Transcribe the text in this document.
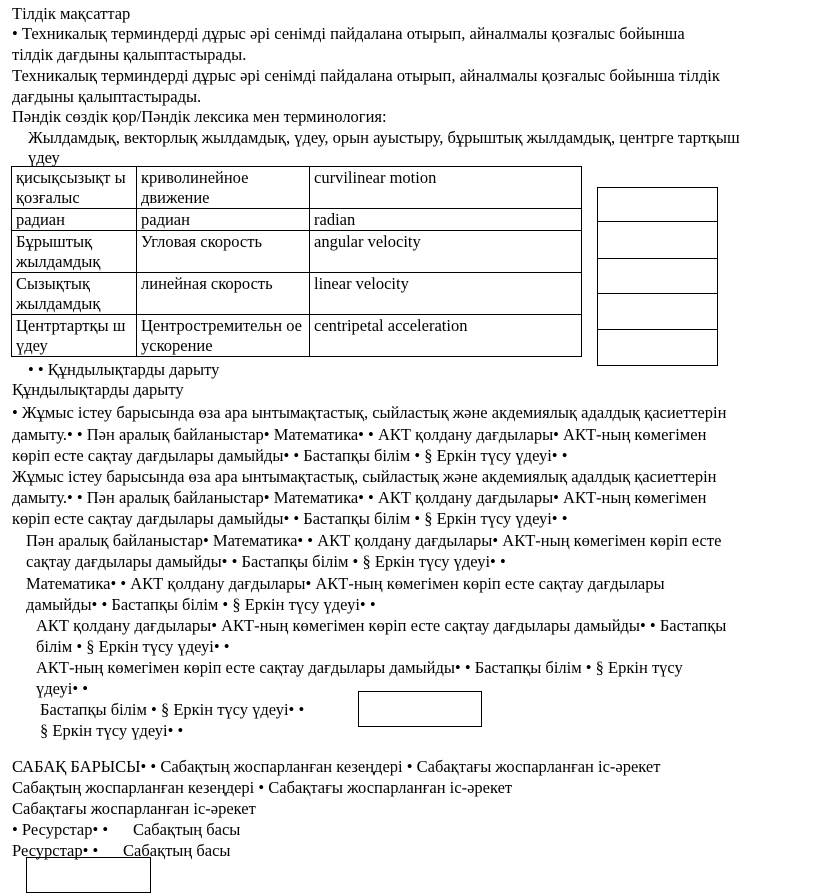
Тілдік мақсаттар
• Техникалық терминдерді дұрыс әрі сенімді пайдалана отырып, айналмалы қозғалыс бойынша
тілдік дағдыны қалыптастырады.
Техникалық терминдерді дұрыс әрі сенімді пайдалана отырып, айналмалы қозғалыс бойынша тілдік
дағдыны қалыптастырады.
Пәндік сөздік қор/Пәндік лексика мен терминология:
Жылдамдық, векторлық жылдамдық, үдеу, орын ауыстыру, бұрыштық жылдамдық, центрге тартқыш
үдеу
қисықсызықт ы қозғалыс	криволинейное движение	curvilinear motion
радиан	радиан	radian
Бұрыштық жылдамдық	Угловая скорость	angular velocity
Сызықтық жылдамдық	линейная скорость	linear velocity
Центртартқы ш үдеу	Центростремительн ое ускорение	centripetal acceleration
• • Құндылықтарды дарыту
Құндылықтарды дарыту
• Жұмыс істеу барысында өза ара ынтымақтастық, сыйластық және акдемиялық адалдық қасиеттерін
дамыту.• • Пән аралық байланыстар• Математика• • АКТ қолдану дағдылары• АКТ-ның көмегімен
көріп есте сақтау дағдылары дамыйды• • Бастапқы білім • § Еркін түсу үдеуі• •
Жұмыс істеу барысында өза ара ынтымақтастық, сыйластық және акдемиялық адалдық қасиеттерін
дамыту.• • Пән аралық байланыстар• Математика• • АКТ қолдану дағдылары• АКТ-ның көмегімен
көріп есте сақтау дағдылары дамыйды• • Бастапқы білім • § Еркін түсу үдеуі• •
Пән аралық байланыстар• Математика• • АКТ қолдану дағдылары• АКТ-ның көмегімен көріп есте
сақтау дағдылары дамыйды• • Бастапқы білім • § Еркін түсу үдеуі• •
Математика• • АКТ қолдану дағдылары• АКТ-ның көмегімен көріп есте сақтау дағдылары
дамыйды• • Бастапқы білім • § Еркін түсу үдеуі• •
АКТ қолдану дағдылары• АКТ-ның көмегімен көріп есте сақтау дағдылары дамыйды• • Бастапқы
білім • § Еркін түсу үдеуі• •
АКТ-ның көмегімен көріп есте сақтау дағдылары дамыйды• • Бастапқы білім • § Еркін түсу
үдеуі• •
Бастапқы білім • § Еркін түсу үдеуі• •
§ Еркін түсу үдеуі• •
САБАҚ БАРЫСЫ• • Сабақтың жоспарланған кезеңдері • Сабақтағы жоспарланған іс-әрекет
Сабақтың жоспарланған кезеңдері • Сабақтағы жоспарланған іс-әрекет
Сабақтағы жоспарланған іс-әрекет
• Ресурстар• •      Сабақтың басы
Ресурстар• •      Сабақтың басы
